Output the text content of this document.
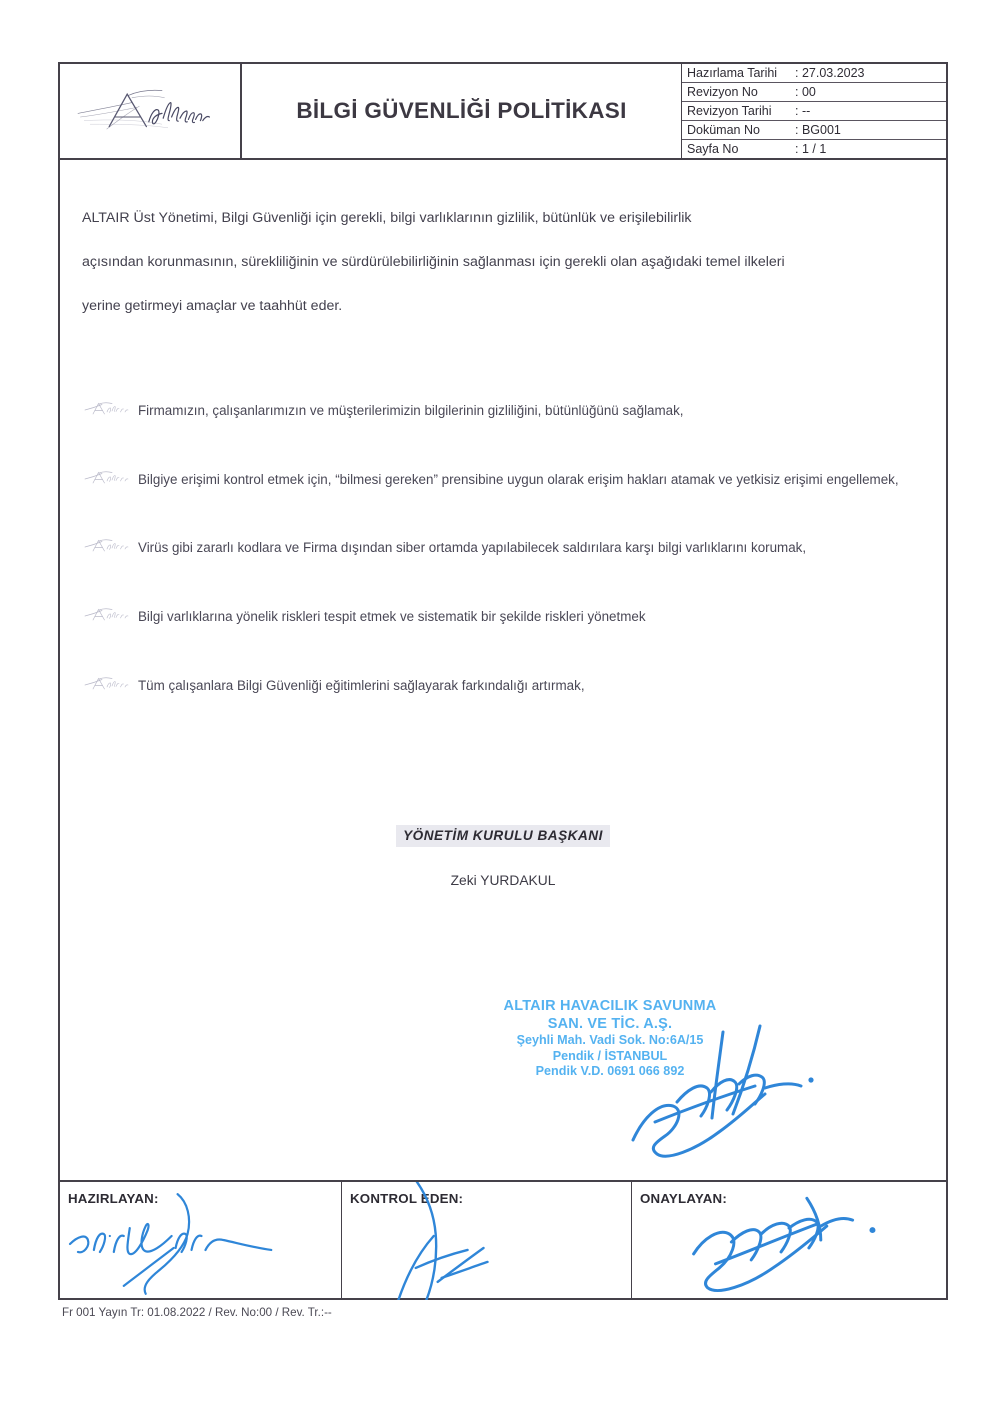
BİLGİ GÜVENLİĞİ POLİTİKASI
Hazırlama Tarihi	: 27.03.2023
Revizyon No	: 00
Revizyon Tarihi	: --
Doküman No	: BG001
Sayfa No	: 1 / 1

ALTAIR Üst Yönetimi, Bilgi Güvenliği için gerekli, bilgi varlıklarının gizlilik, bütünlük ve erişilebilirlik

açısından korunmasının, sürekliliğinin ve sürdürülebilirliğinin sağlanması için gerekli olan aşağıdaki temel ilkeleri

yerine getirmeyi amaçlar ve taahhüt eder.

Firmamızın, çalışanlarımızın ve müşterilerimizin bilgilerinin gizliliğini, bütünlüğünü sağlamak,
Bilgiye erişimi kontrol etmek için, “bilmesi gereken” prensibine uygun olarak erişim hakları atamak ve yetkisiz erişimi engellemek,
Virüs gibi zararlı kodlara ve Firma dışından siber ortamda yapılabilecek saldırılara karşı bilgi varlıklarını korumak,
Bilgi varlıklarına yönelik riskleri tespit etmek ve sistematik bir şekilde riskleri yönetmek
Tüm çalışanlara Bilgi Güvenliği eğitimlerini sağlayarak farkındalığı artırmak,
YÖNETİM KURULU BAŞKANI
Zeki YURDAKUL
ALTAIR HAVACILIK SAVUNMA
SAN. VE TİC. A.Ş.
Şeyhli Mah. Vadi Sok. No:6A/15
Pendik / İSTANBUL
Pendik V.D. 0691 066 892
HAZIRLAYAN:	KONTROL EDEN:	ONAYLAYAN:
Fr 001 Yayın Tr: 01.08.2022 / Rev. No:00 / Rev. Tr.:--
